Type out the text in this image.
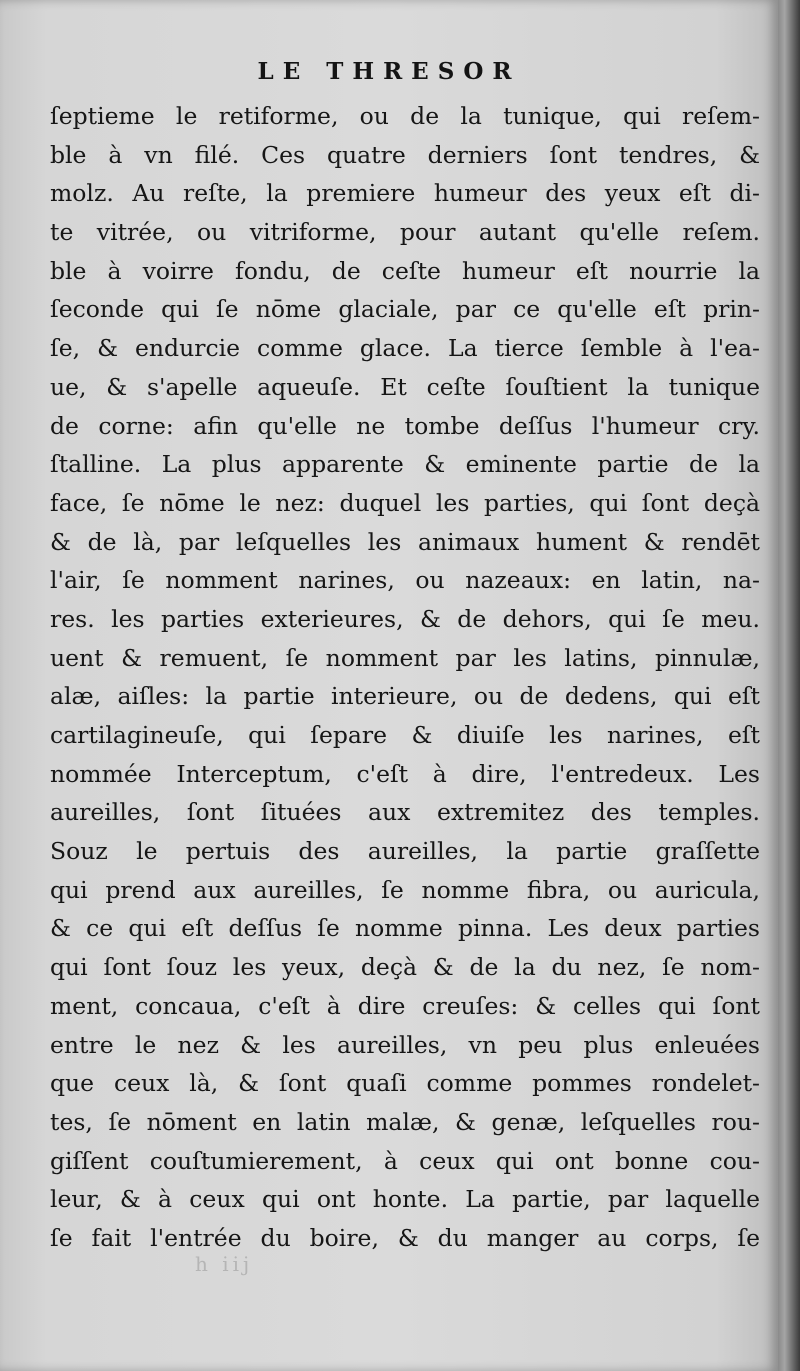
LE THRESOR
ſeptieme le retiforme, ou de la tunique, qui reſem-
ble à vn filé. Ces quatre derniers ſont tendres, &
molz. Au reſte, la premiere humeur des yeux eſt di-
te vitrée, ou vitriforme, pour autant qu'elle reſem.
ble à voirre fondu, de ceſte humeur eſt nourrie la
ſeconde qui ſe nōme glaciale, par ce qu'elle eſt prin-
ſe, & endurcie comme glace. La tierce ſemble à l'ea-
ue, & s'apelle aqueuſe. Et ceſte ſouſtient la tunique
de corne: afin qu'elle ne tombe deſſus l'humeur cry.
ſtalline. La plus apparente & eminente partie de la
face, ſe nōme le nez: duquel les parties, qui ſont deçà
& de là, par leſquelles les animaux hument & rendēt
l'air, ſe nomment narines, ou nazeaux: en latin, na-
res. les parties exterieures, & de dehors, qui ſe meu.
uent & remuent, ſe nomment par les latins, pinnulæ,
alæ, aiſles: la partie interieure, ou de dedens, qui eſt
cartilagineuſe, qui ſepare & diuiſe les narines, eſt
nommée Interceptum, c'eſt à dire, l'entredeux. Les
aureilles, ſont ſituées aux extremitez des temples.
Souz le pertuis des aureilles, la partie graſſette
qui prend aux aureilles, ſe nomme fibra, ou auricula,
& ce qui eſt deſſus ſe nomme pinna. Les deux parties
qui ſont ſouz les yeux, deçà & de la du nez, ſe nom-
ment, concaua, c'eſt à dire creuſes: & celles qui ſont
entre le nez & les aureilles, vn peu plus enleuées
que ceux là, & ſont quaſi comme pommes rondelet-
tes, ſe nōment en latin malæ, & genæ, leſquelles rou-
giſſent couſtumierement, à ceux qui ont bonne cou-
leur, & à ceux qui ont honte. La partie, par laquelle
ſe fait l'entrée du boire, & du manger au corps, ſe
h iij
